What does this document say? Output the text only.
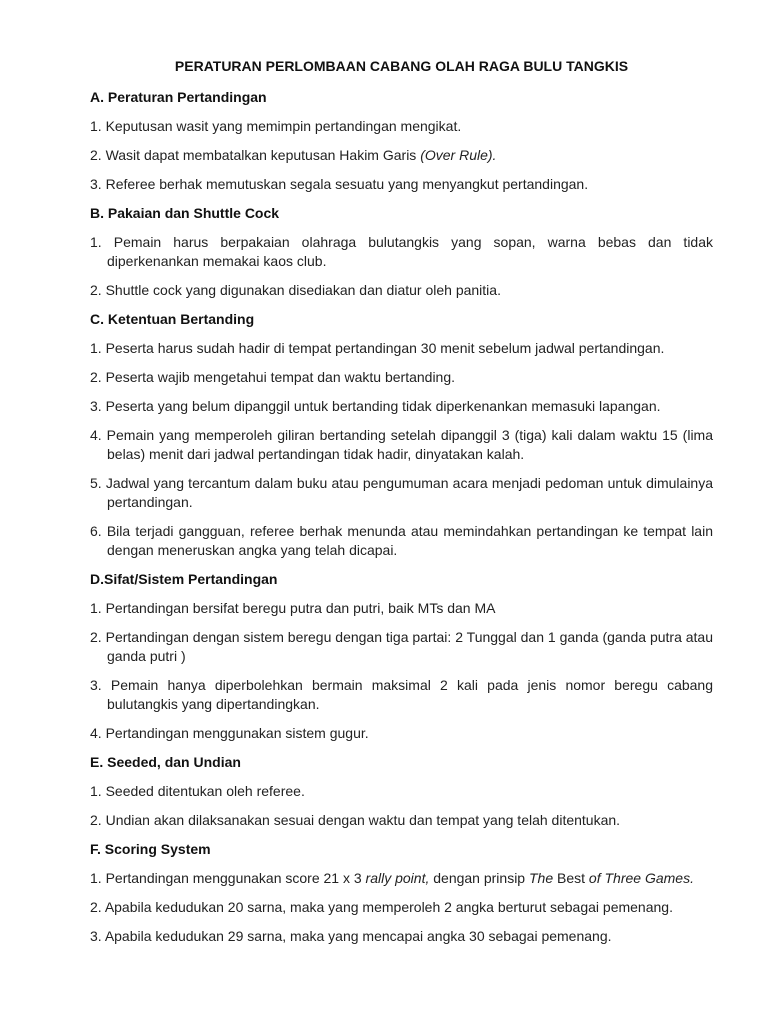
PERATURAN PERLOMBAAN CABANG OLAH RAGA BULU TANGKIS
A. Peraturan Pertandingan
1. Keputusan wasit yang memimpin pertandingan mengikat.
2. Wasit dapat membatalkan keputusan Hakim Garis (Over Rule).
3. Referee berhak memutuskan segala sesuatu yang menyangkut pertandingan.
B. Pakaian dan Shuttle Cock
1. Pemain harus berpakaian olahraga bulutangkis yang sopan, warna bebas dan tidak diperkenankan memakai kaos club.
2. Shuttle cock yang digunakan disediakan dan diatur oleh panitia.
C. Ketentuan Bertanding
1. Peserta harus sudah hadir di tempat pertandingan 30 menit sebelum jadwal pertandingan.
2. Peserta wajib mengetahui tempat dan waktu bertanding.
3. Peserta yang belum dipanggil untuk bertanding tidak diperkenankan memasuki lapangan.
4. Pemain yang memperoleh giliran bertanding setelah dipanggil 3 (tiga) kali dalam waktu 15 (lima belas) menit dari jadwal pertandingan tidak hadir, dinyatakan kalah.
5. Jadwal yang tercantum dalam buku atau pengumuman acara menjadi pedoman untuk dimulainya pertandingan.
6. Bila terjadi gangguan, referee berhak menunda atau memindahkan pertandingan ke tempat lain dengan meneruskan angka yang telah dicapai.
D.Sifat/Sistem Pertandingan
1. Pertandingan bersifat beregu putra dan putri, baik MTs dan MA
2. Pertandingan dengan sistem beregu dengan tiga partai: 2 Tunggal dan 1 ganda (ganda putra atau ganda putri )
3. Pemain hanya diperbolehkan bermain maksimal 2 kali pada jenis nomor beregu cabang bulutangkis yang dipertandingkan.
4. Pertandingan menggunakan sistem gugur.
E. Seeded, dan Undian
1. Seeded ditentukan oleh referee.
2. Undian akan dilaksanakan sesuai dengan waktu dan tempat yang telah ditentukan.
F. Scoring System
1. Pertandingan menggunakan score 21 x 3 rally point, dengan prinsip The Best of Three Games.
2. Apabila kedudukan 20 sarna, maka yang memperoleh 2 angka berturut sebagai pemenang.
3. Apabila kedudukan 29 sarna, maka yang mencapai angka 30 sebagai pemenang.
